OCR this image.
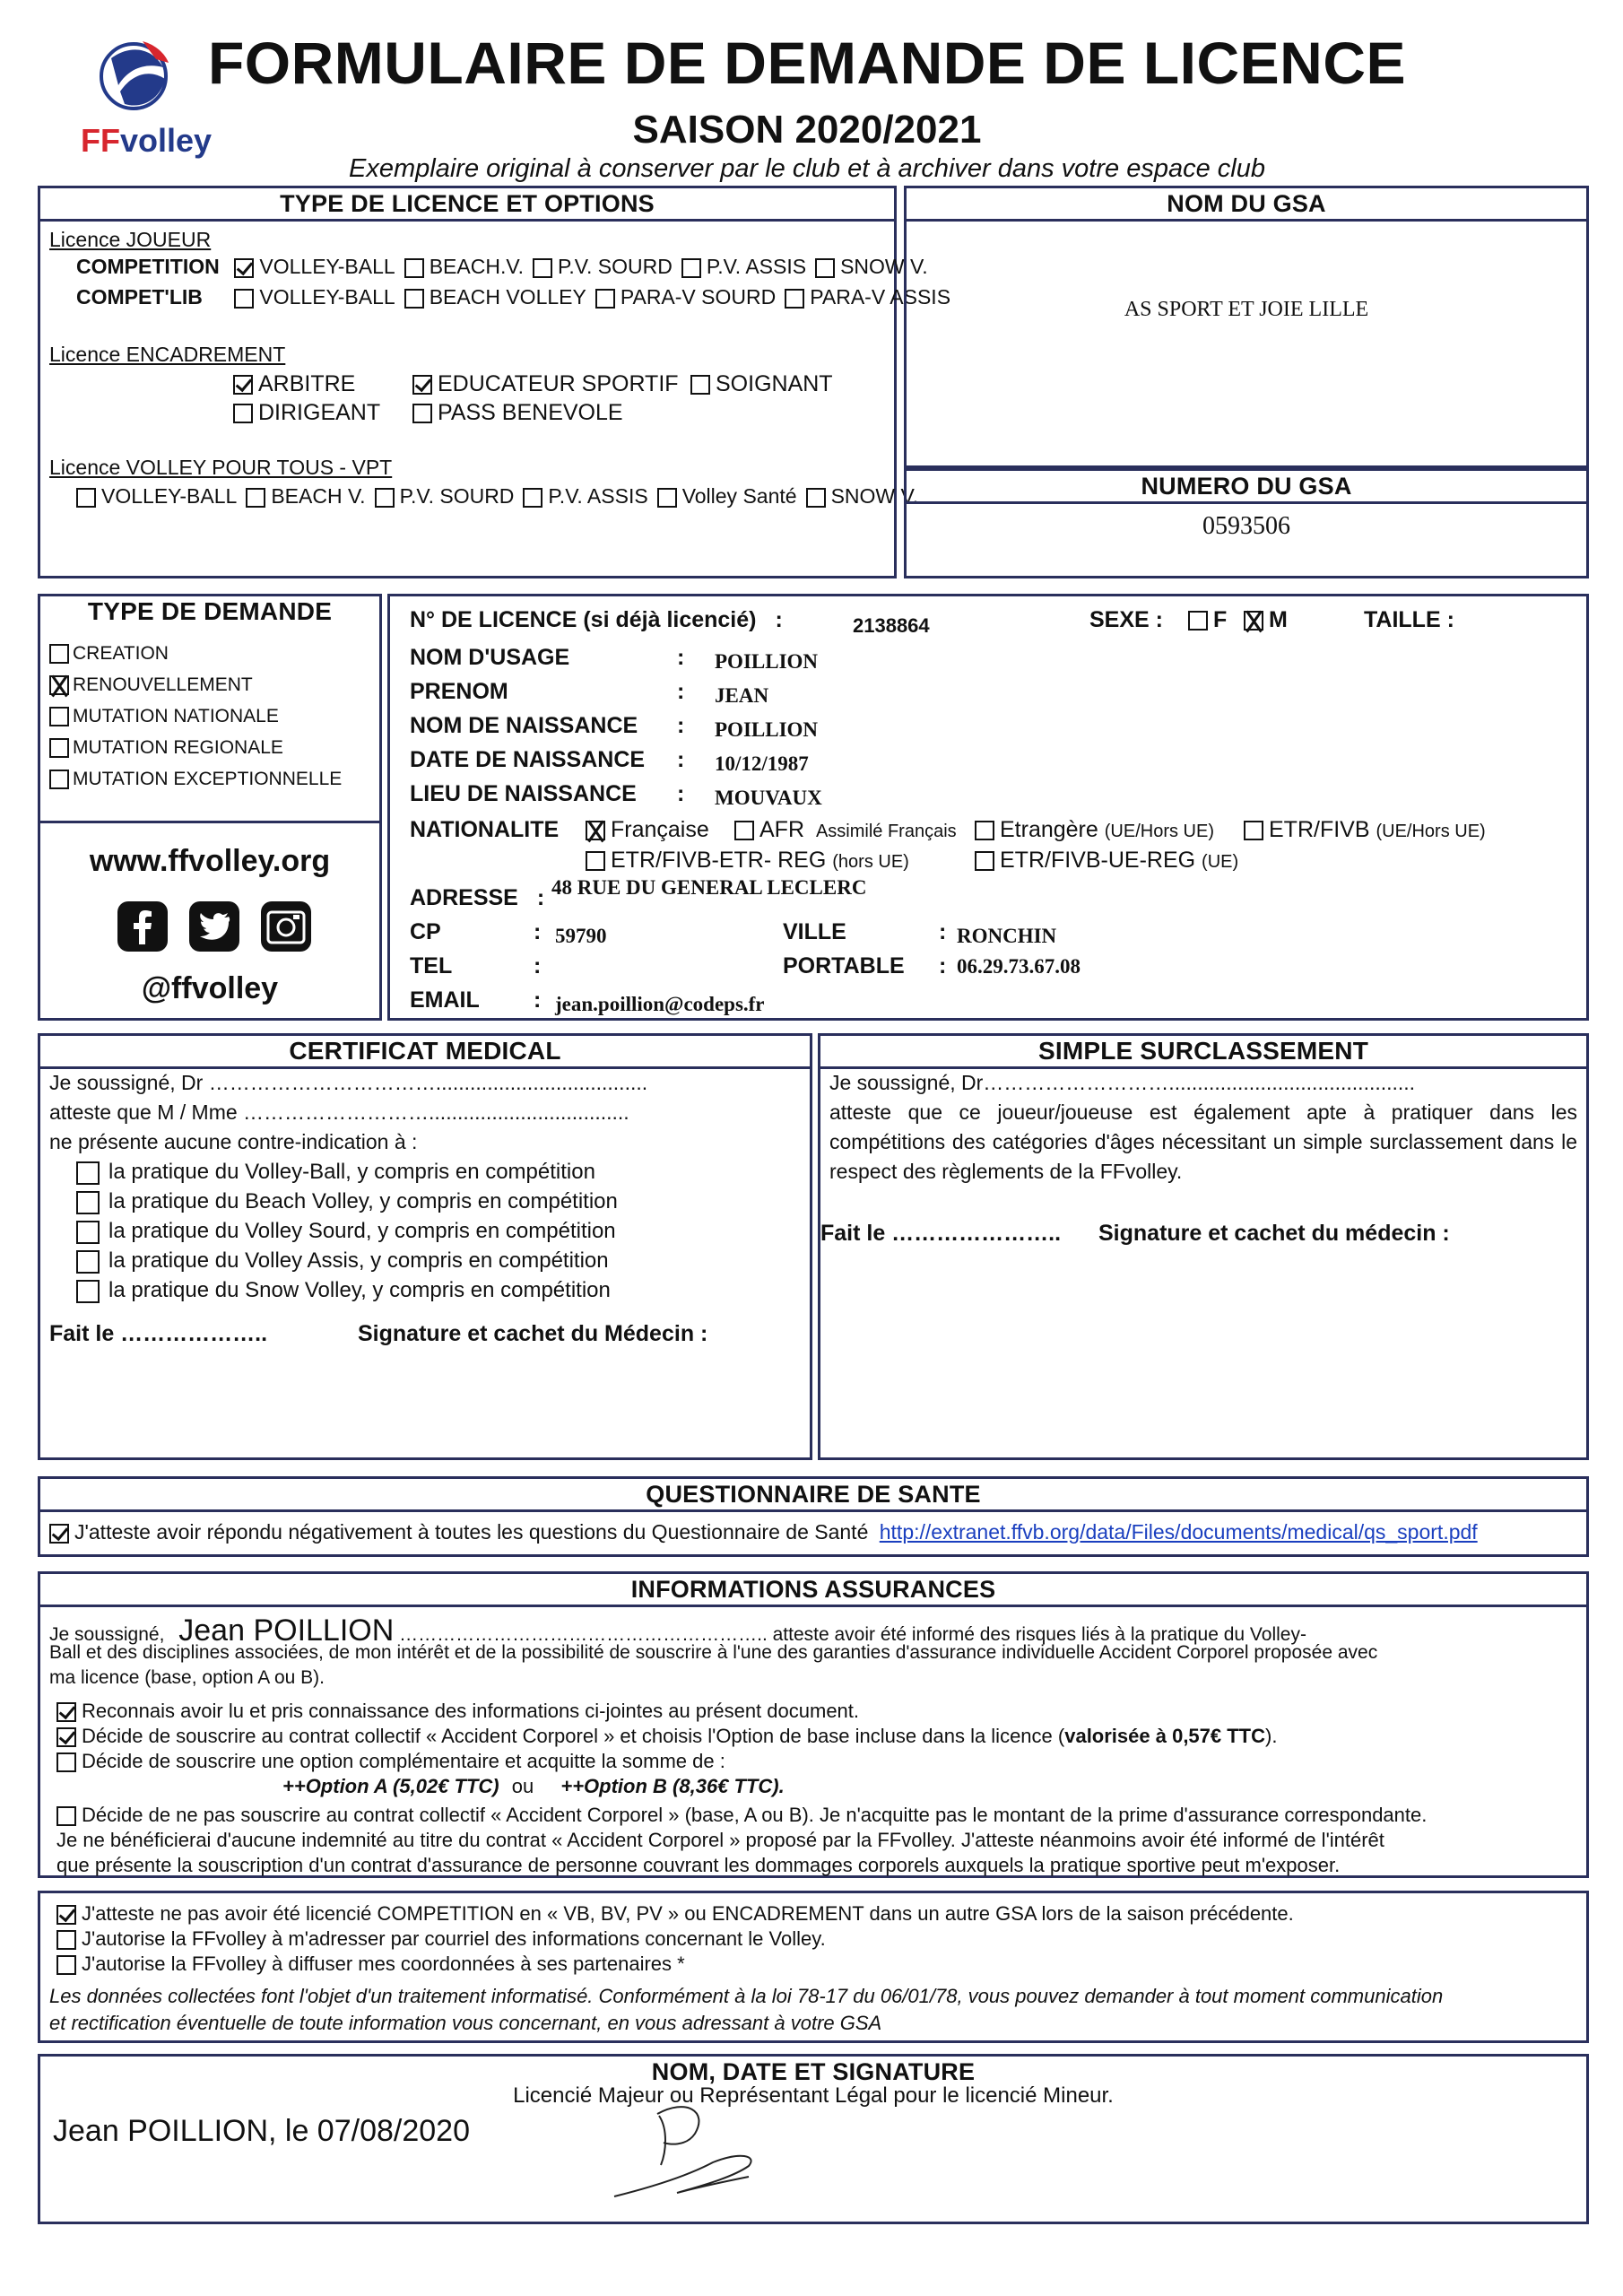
FFvolley
FORMULAIRE DE DEMANDE DE LICENCE
SAISON 2020/2021
Exemplaire original à conserver par le club et à archiver dans votre espace club
TYPE DE LICENCE ET OPTIONS
Licence JOUEUR
COMPETITION VOLLEY-BALL BEACH.V. P.V. SOURD P.V. ASSIS SNOW V.
COMPET'LIB	VOLLEY-BALL BEACH VOLLEY PARA-V SOURD PARA-V ASSIS
Licence ENCADREMENT
ARBITRE	EDUCATEUR SPORTIF SOIGNANT
DIRIGEANT	PASS BENEVOLE
Licence VOLLEY POUR TOUS - VPT
VOLLEY-BALL BEACH V. P.V. SOURD P.V. ASSIS Volley Santé SNOW V.
NOM DU GSA
AS SPORT ET JOIE LILLE
NUMERO DU GSA
0593506
TYPE DE DEMANDE
CREATION
RENOUVELLEMENT
MUTATION NATIONALE
MUTATION REGIONALE
MUTATION EXCEPTIONNELLE
www.ffvolley.org
@ffvolley
N° DE LICENCE (si déjà licencié) :	2138864	SEXE :	F	M	TAILLE :
NOM D'USAGE	: POILLION
PRENOM	: JEAN
NOM DE NAISSANCE : POILLION
DATE DE NAISSANCE : 10/12/1987
LIEU DE NAISSANCE : MOUVAUX
NATIONALITE	Française	AFR Assimilé Français	Etrangère (UE/Hors UE)	ETR/FIVB (UE/Hors UE)
ETR/FIVB-ETR- REG (hors UE)	ETR/FIVB-UE-REG (UE)
ADRESSE : 48 RUE DU GENERAL LECLERC
CP	: 59790	VILLE	: RONCHIN
TEL	:	PORTABLE : 06.29.73.67.08
EMAIL : jean.poillion@codeps.fr
CERTIFICAT MEDICAL
Je soussigné, Dr …………………………….....................................
atteste que M / Mme ………………………...................................
ne présente aucune contre-indication à :
la pratique du Volley-Ball, y compris en compétition
la pratique du Beach Volley, y compris en compétition
la pratique du Volley Sourd, y compris en compétition
la pratique du Volley Assis, y compris en compétition
la pratique du Snow Volley, y compris en compétition
Fait le ………………..	Signature et cachet du Médecin :
SIMPLE SURCLASSEMENT
Je soussigné, Dr………………………...........................................
atteste que ce joueur/joueuse est également apte à pratiquer dans les compétitions des catégories d'âges nécessitant un simple surclassement dans le respect des règlements de la FFvolley.
Fait le ………………….. Signature et cachet du médecin :
QUESTIONNAIRE DE SANTE
J'atteste avoir répondu négativement à toutes les questions du Questionnaire de Santé http://extranet.ffvb.org/data/Files/documents/medical/qs_sport.pdf
INFORMATIONS ASSURANCES
Je soussigné, Jean POILLION ………………………………………………….. atteste avoir été informé des risques liés à la pratique du Volley-
Ball et des disciplines associées, de mon intérêt et de la possibilité de souscrire à l'une des garanties d'assurance individuelle Accident Corporel proposée avec
ma licence (base, option A ou B).
Reconnais avoir lu et pris connaissance des informations ci-jointes au présent document.
Décide de souscrire au contrat collectif « Accident Corporel » et choisis l'Option de base incluse dans la licence (valorisée à 0,57€ TTC).
Décide de souscrire une option complémentaire et acquitte la somme de :
++Option A (5,02€ TTC) ou ++Option B (8,36€ TTC).
Décide de ne pas souscrire au contrat collectif « Accident Corporel » (base, A ou B). Je n'acquitte pas le montant de la prime d'assurance correspondante.
Je ne bénéficierai d'aucune indemnité au titre du contrat « Accident Corporel » proposé par la FFvolley. J'atteste néanmoins avoir été informé de l'intérêt
que présente la souscription d'un contrat d'assurance de personne couvrant les dommages corporels auxquels la pratique sportive peut m'exposer.
J'atteste ne pas avoir été licencié COMPETITION en « VB, BV, PV » ou ENCADREMENT dans un autre GSA lors de la saison précédente.
J'autorise la FFvolley à m'adresser par courriel des informations concernant le Volley.
J'autorise la FFvolley à diffuser mes coordonnées à ses partenaires *
Les données collectées font l'objet d'un traitement informatisé. Conformément à la loi 78-17 du 06/01/78, vous pouvez demander à tout moment communication
et rectification éventuelle de toute information vous concernant, en vous adressant à votre GSA
NOM, DATE ET SIGNATURE
Licencié Majeur ou Représentant Légal pour le licencié Mineur.
Jean POILLION, le 07/08/2020
